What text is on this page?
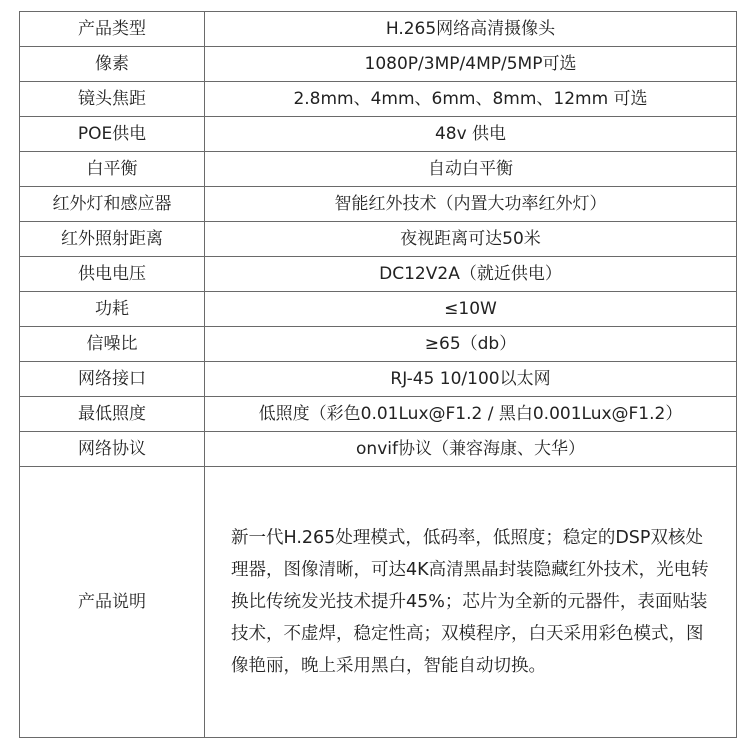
产品类型	H.265网络高清摄像头
像素	1080P/3MP/4MP/5MP可选
镜头焦距	2.8mm、4mm、6mm、8mm、12mm 可选
POE供电	48v 供电
白平衡	自动白平衡
红外灯和感应器	智能红外技术（内置大功率红外灯）
红外照射距离	夜视距离可达50米
供电电压	DC12V2A（就近供电）
功耗	≤10W
信噪比	≥65（db）
网络接口	RJ-45 10/100以太网
最低照度	低照度（彩色0.01Lux@F1.2 / 黑白0.001Lux@F1.2）
网络协议	onvif协议（兼容海康、大华）
产品说明	新一代H.265处理模式，低码率，低照度；稳定的DSP双核处理器，图像清晰，可达4K高清黑晶封装隐藏红外技术，光电转换比传统发光技术提升45%；芯片为全新的元器件，表面贴装技术，不虚焊，稳定性高；双模程序，白天采用彩色模式，图像艳丽，晚上采用黑白，智能自动切换。
